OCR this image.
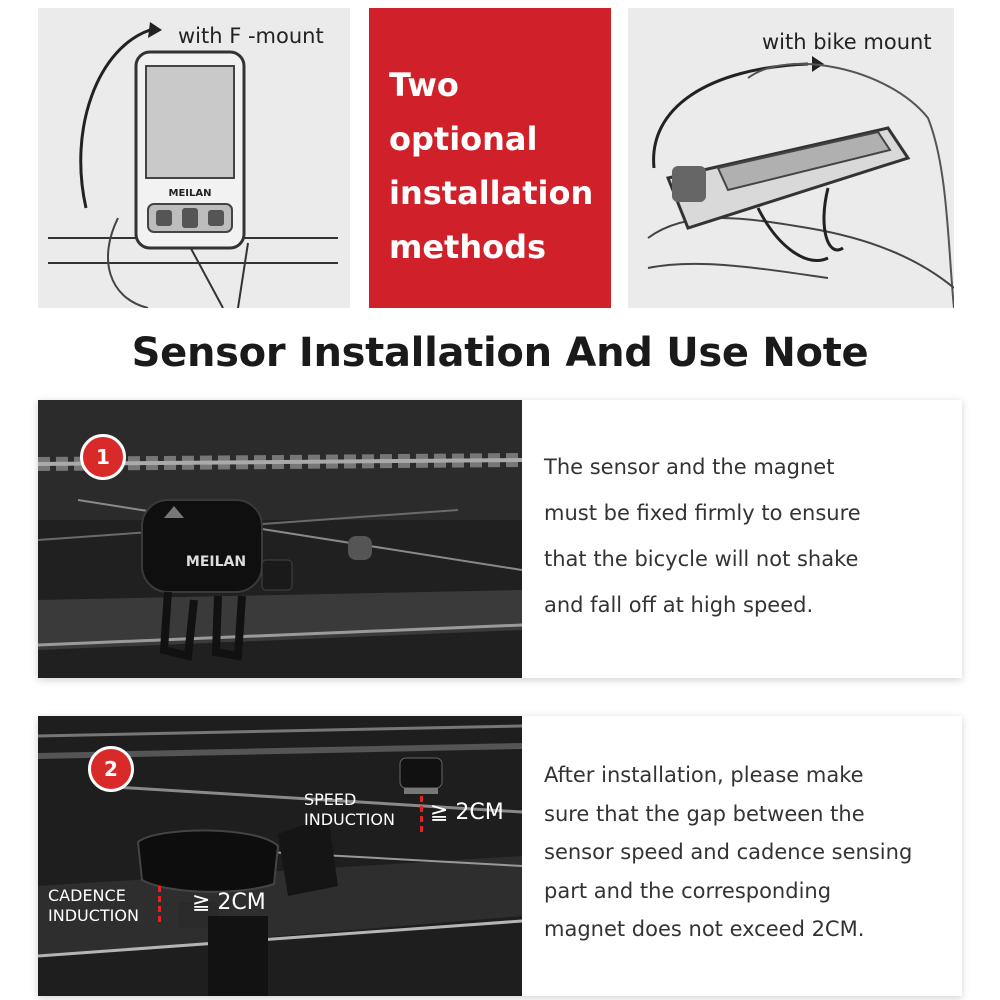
MEILAN
with F -mount
Two
optional
installation
methods
with bike mount
Sensor Installation And Use Note
MEILAN
1	The sensor and the magnet
must be fixed firmly to ensure
that the bicycle will not shake
and fall off at high speed.
2
SPEED
INDUCTION ≧ 2CM
CADENCE
INDUCTION
≧ 2CM
After installation, please make
sure that the gap between the
sensor speed and cadence sensing
part and the corresponding
magnet does not exceed 2CM.
